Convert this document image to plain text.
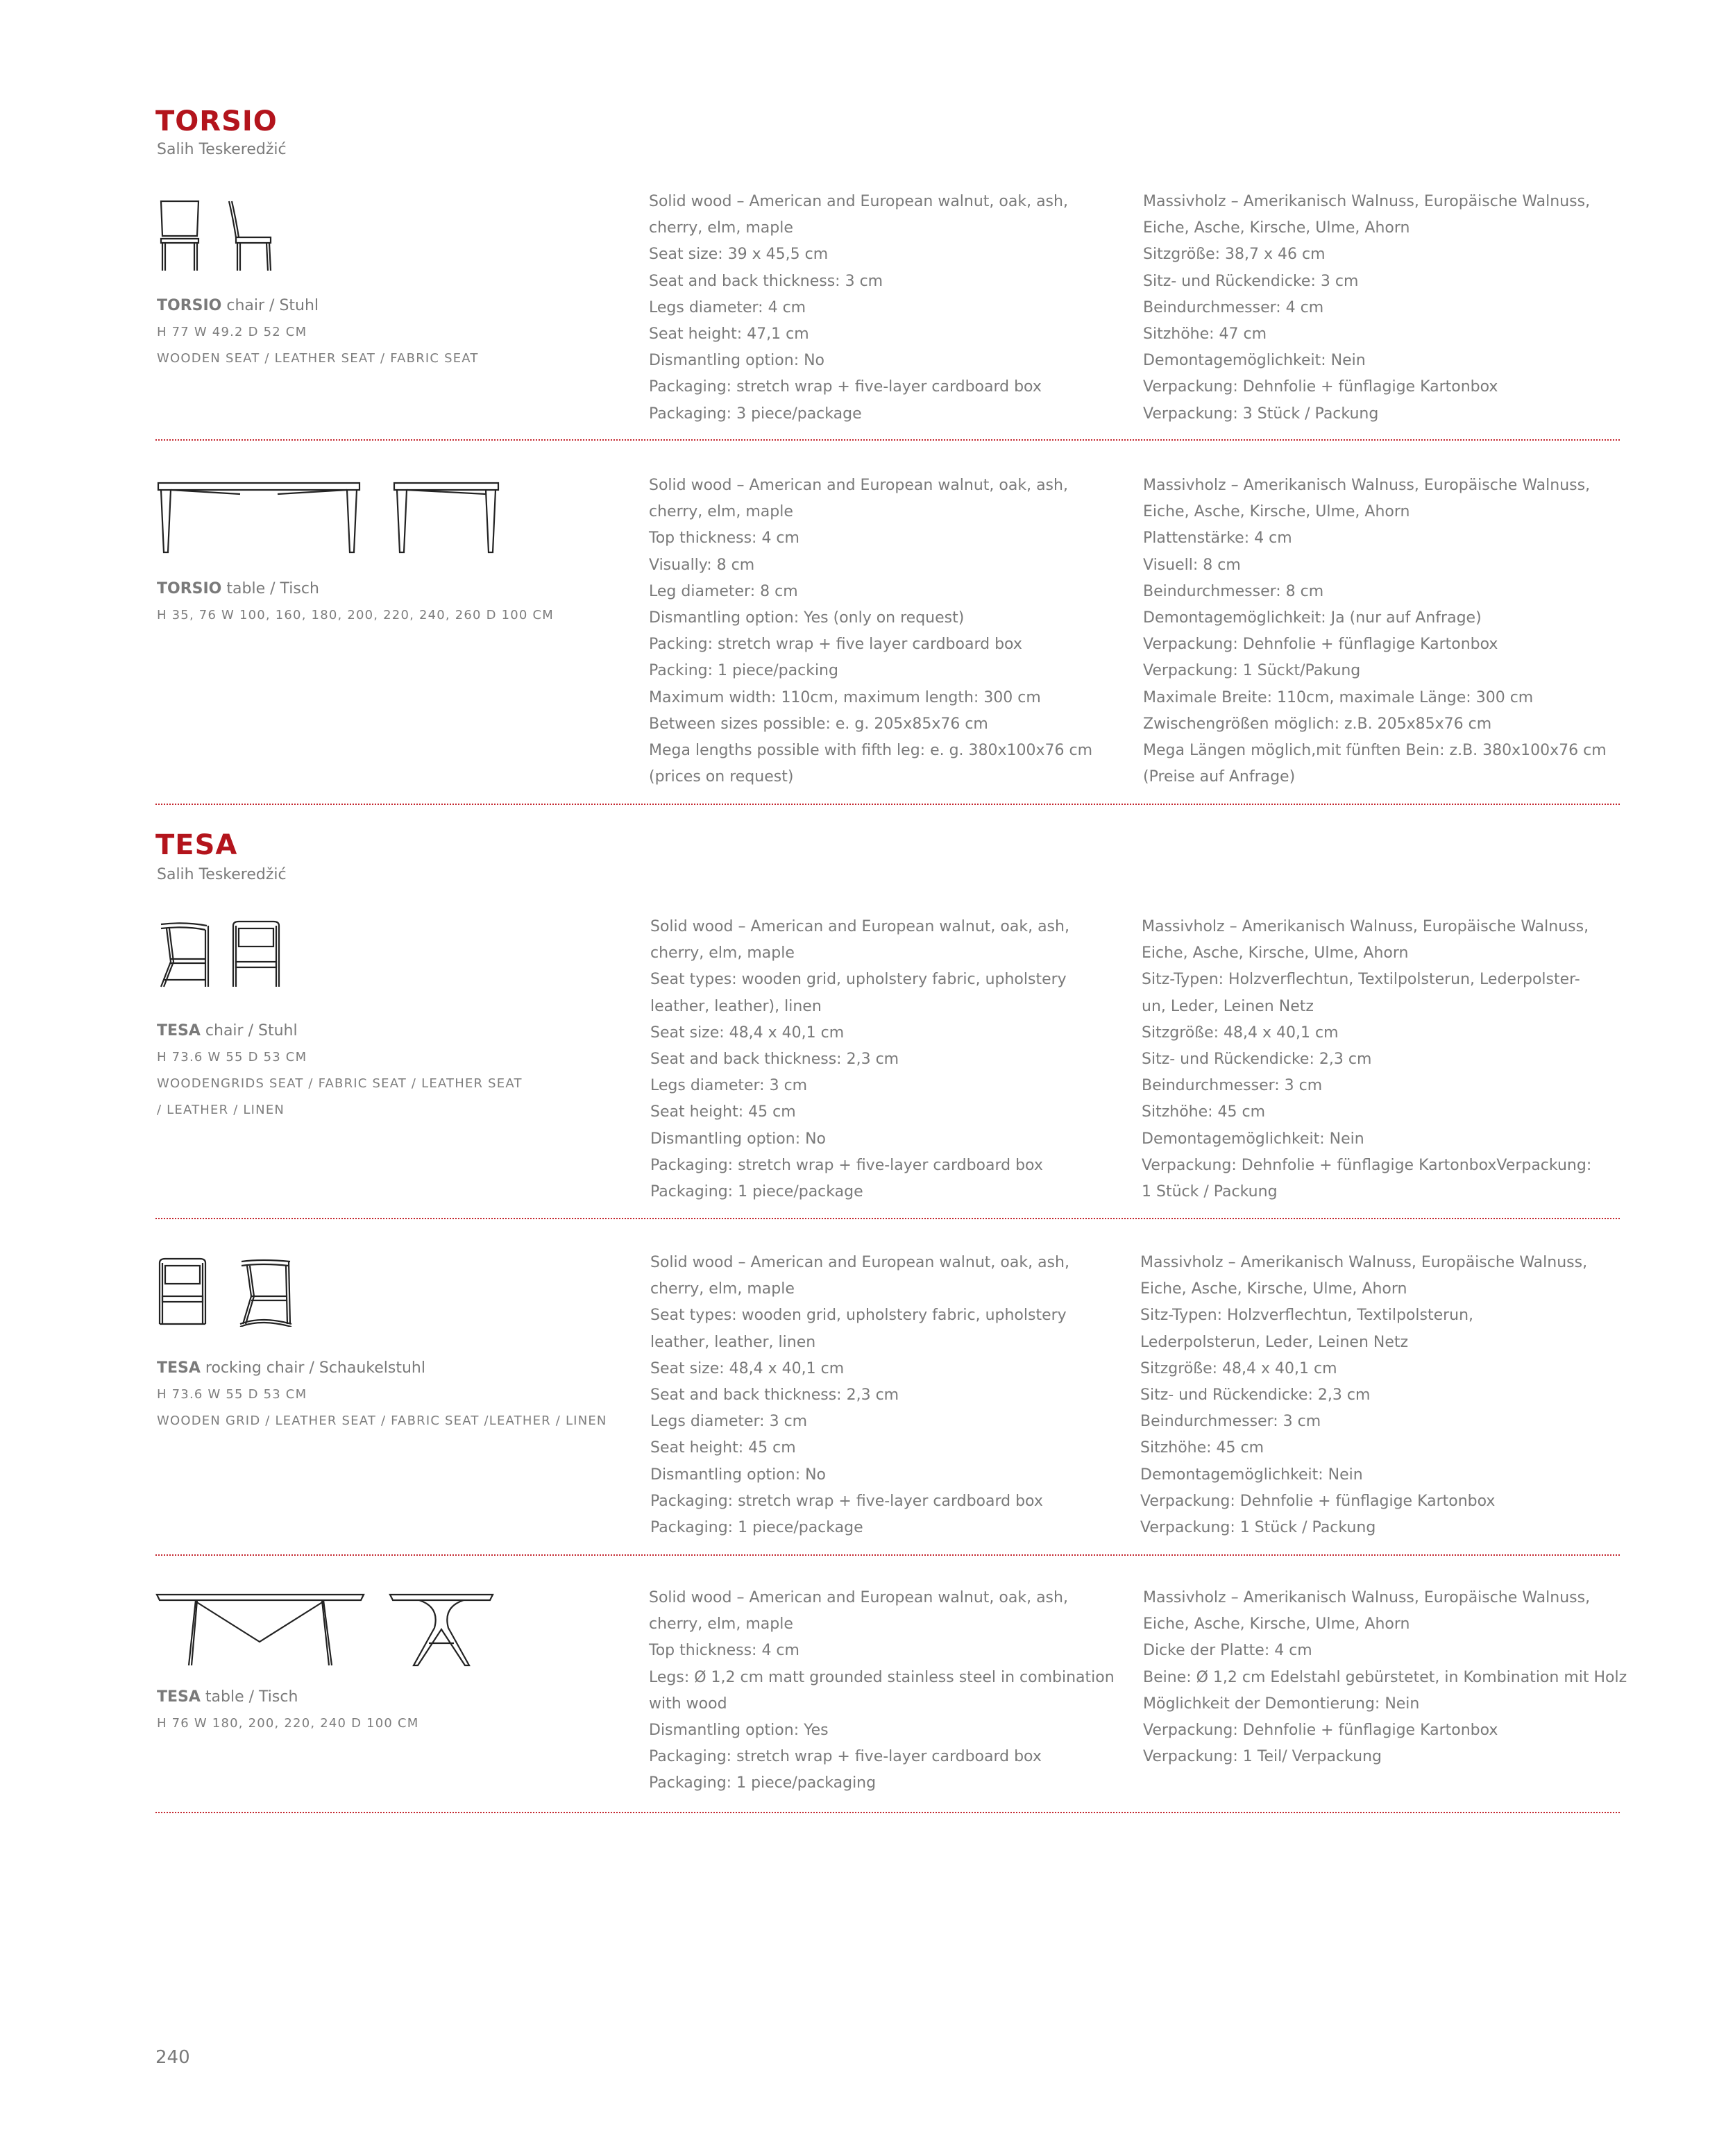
TORSIO
Salih Teskeredžić
TORSIO chair / Stuhl
H 77 W 49.2 D 52 CM
WOODEN SEAT / LEATHER SEAT / FABRIC SEAT
Solid wood – American and European walnut, oak, ash,
cherry, elm, maple
Seat size: 39 x 45,5 cm
Seat and back thickness: 3 cm
Legs diameter: 4 cm
Seat height: 47,1 cm
Dismantling option: No
Packaging: stretch wrap + five-layer cardboard box
Packaging: 3 piece/package
Massivholz – Amerikanisch Walnuss, Europäische Walnuss,
Eiche, Asche, Kirsche, Ulme, Ahorn
Sitzgröße: 38,7 x 46 cm
Sitz- und Rückendicke: 3 cm
Beindurchmesser: 4 cm
Sitzhöhe: 47 cm
Demontagemöglichkeit: Nein
Verpackung: Dehnfolie + fünflagige Kartonbox
Verpackung: 3 Stück / Packung
TORSIO table / Tisch
H 35, 76 W 100, 160, 180, 200, 220, 240, 260 D 100 CM
Solid wood – American and European walnut, oak, ash,
cherry, elm, maple
Top thickness: 4 cm
Visually: 8 cm
Leg diameter: 8 cm
Dismantling option: Yes (only on request)
Packing: stretch wrap + five layer cardboard box
Packing: 1 piece/packing
Maximum width: 110cm, maximum length: 300 cm
Between sizes possible: e. g. 205x85x76 cm
Mega lengths possible with fifth leg: e. g. 380x100x76 cm
(prices on request)
Massivholz – Amerikanisch Walnuss, Europäische Walnuss,
Eiche, Asche, Kirsche, Ulme, Ahorn
Plattenstärke: 4 cm
Visuell: 8 cm
Beindurchmesser: 8 cm
Demontagemöglichkeit: Ja (nur auf Anfrage)
Verpackung: Dehnfolie + fünflagige Kartonbox
Verpackung: 1 Sückt/Pakung
Maximale Breite: 110cm, maximale Länge: 300 cm
Zwischengrößen möglich: z.B. 205x85x76 cm
Mega Längen möglich,mit fünften Bein: z.B. 380x100x76 cm
(Preise auf Anfrage)
TESA
Salih Teskeredžić
TESA chair / Stuhl
H 73.6 W 55 D 53 CM
WOODENGRIDS SEAT / FABRIC SEAT / LEATHER SEAT
/ LEATHER / LINEN
Solid wood – American and European walnut, oak, ash,
cherry, elm, maple
Seat types: wooden grid, upholstery fabric, upholstery
leather, leather), linen
Seat size: 48,4 x 40,1 cm
Seat and back thickness: 2,3 cm
Legs diameter: 3 cm
Seat height: 45 cm
Dismantling option: No
Packaging: stretch wrap + five-layer cardboard box
Packaging: 1 piece/package
Massivholz – Amerikanisch Walnuss, Europäische Walnuss,
Eiche, Asche, Kirsche, Ulme, Ahorn
Sitz-Typen: Holzverflechtun, Textilpolsterun, Lederpolster-
un, Leder, Leinen Netz
Sitzgröße: 48,4 x 40,1 cm
Sitz- und Rückendicke: 2,3 cm
Beindurchmesser: 3 cm
Sitzhöhe: 45 cm
Demontagemöglichkeit: Nein
Verpackung: Dehnfolie + fünflagige KartonboxVerpackung:
1 Stück / Packung
TESA rocking chair / Schaukelstuhl
H 73.6 W 55 D 53 CM
WOODEN GRID / LEATHER SEAT / FABRIC SEAT /LEATHER / LINEN
Solid wood – American and European walnut, oak, ash,
cherry, elm, maple
Seat types: wooden grid, upholstery fabric, upholstery
leather, leather, linen
Seat size: 48,4 x 40,1 cm
Seat and back thickness: 2,3 cm
Legs diameter: 3 cm
Seat height: 45 cm
Dismantling option: No
Packaging: stretch wrap + five-layer cardboard box
Packaging: 1 piece/package
Massivholz – Amerikanisch Walnuss, Europäische Walnuss,
Eiche, Asche, Kirsche, Ulme, Ahorn
Sitz-Typen: Holzverflechtun, Textilpolsterun,
Lederpolsterun, Leder, Leinen Netz
Sitzgröße: 48,4 x 40,1 cm
Sitz- und Rückendicke: 2,3 cm
Beindurchmesser: 3 cm
Sitzhöhe: 45 cm
Demontagemöglichkeit: Nein
Verpackung: Dehnfolie + fünflagige Kartonbox
Verpackung: 1 Stück / Packung
TESA table / Tisch
H 76 W 180, 200, 220, 240 D 100 CM
Solid wood – American and European walnut, oak, ash,
cherry, elm, maple
Top thickness: 4 cm
Legs: Ø 1,2 cm matt grounded stainless steel in combination
with wood
Dismantling option: Yes
Packaging: stretch wrap + five-layer cardboard box
Packaging: 1 piece/packaging
Massivholz – Amerikanisch Walnuss, Europäische Walnuss,
Eiche, Asche, Kirsche, Ulme, Ahorn
Dicke der Platte: 4 cm
Beine: Ø 1,2 cm Edelstahl gebürstetet, in Kombination mit Holz
Möglichkeit der Demontierung: Nein
Verpackung: Dehnfolie + fünflagige Kartonbox
Verpackung: 1 Teil/ Verpackung
240
